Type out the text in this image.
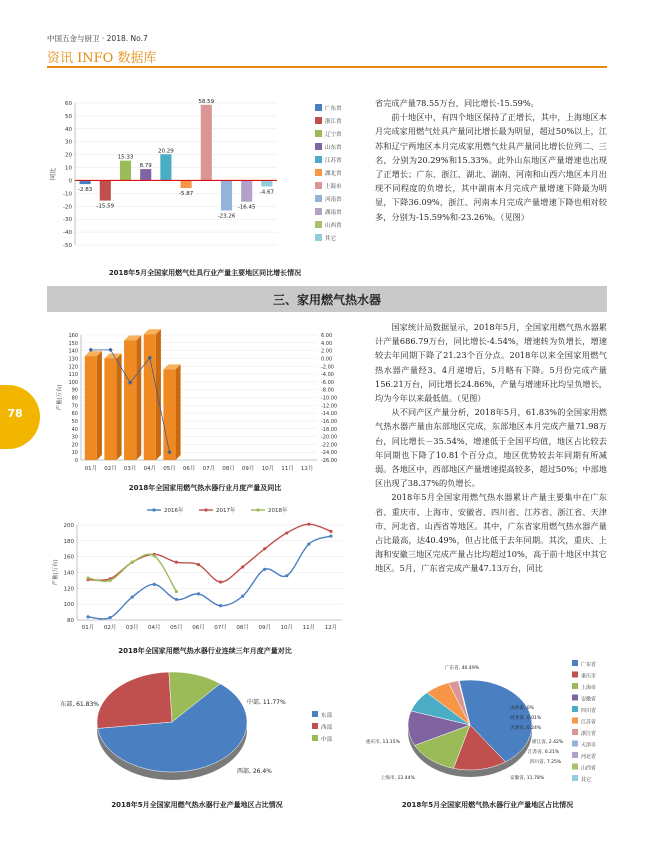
中国五金与厨卫 · 2018. No.7
资讯 INFO 数据库
78
-50
-40
-30
-20
-10
0
10
20
30
40
50
60
同比
-2.83
-15.59
15.33
8.79
20.29
-5.87
58.59
-23.26
-16.45
-4.67
广东省
浙江省
辽宁省
山东省
江苏省
湖北省
上海市
河南省
湖南省
山西省
其它
2018年5月全国家用燃气灶具行业产量主要地区同比增长情况

省完成产量78.55万台，同比增长-15.59%。

前十地区中，有四个地区保持了正增长，其中，上海地区本月完成家用燃气灶具产量同比增长最为明显，超过50%以上，江苏和辽宁两地区本月完成家用燃气灶具产量同比增长位列二、三名，分别为20.29%和15.33%。此外山东地区产量增速也出现了正增长；广东、浙江、湖北、湖南、河南和山西六地区本月出现不同程度的负增长，其中湖南本月完成产量增速下降最为明显，下降36.09%，浙江、河南本月完成产量增速下降也相对较多，分别为-15.59%和-23.26%。（见图）

三、家用燃气热水器
0
10
20
30
40
50
60
70
80
90
100
110
120
130
140
150
160	6.00
4.00
2.00
0.00
-2.00
-4.00
-6.00
-8.00
-10.00
-12.00
-14.00
-16.00
-18.00
-20.00
-22.00
-24.00
-26.00
产量(万台)
01月 02月 03月 04月 05月 06月 07月 08月 09月 10月 11月 12月
2018年全国家用燃气热水器行业月度产量及同比
80
100
120
140
160
180
200
产量(万台)
01月 02月 03月 04月 05月 06月 07月 08月 09月 10月 11月 12月
2016年	2017年	2018年
2018年全国家用燃气热水器行业连续三年月度产量对比

国家统计局数据显示，2018年5月，全国家用燃气热水器累计产量686.79万台，同比增长-4.54%，增速转为负增长，增速较去年同期下降了21.23个百分点。2018年以来全国家用燃气热水器产量经3、4月递增后，5月略有下降。5月份完成产量156.21万台，同比增长24.86%，产量与增速环比均呈负增长，均为今年以来最低值。（见图）

从不同产区产量分析，2018年5月，61.83%的全国家用燃气热水器产量由东部地区完成，东部地区本月完成产量71.98万台，同比增长－35.54%，增速低于全国平均值，地区占比较去年同期也下降了10.81个百分点，地区优势较去年同期有所减弱。各地区中，西部地区产量增速提高较多，超过50%；中部地区出现了38.37%的负增长。

2018年5月全国家用燃气热水器累计产量主要集中在广东省、重庆市、上海市、安徽省、四川省、江苏省、浙江省、天津市、河北省、山西省等地区。其中，广东省家用燃气热水器产量占比最高，达40.49%，但占比低于去年同期。其次，重庆、上海和安徽三地区完成产量占比均超过10%，高于前十地区中其它地区。5月，广东省完成产量47.13万台，同比

东部, 61.83%
西部, 26.4%
中部, 11.77%
东部
西部
中部
2018年5月全国家用燃气热水器行业产量地区占比情况
广东省, 40.49%
重庆市, 13.15%
上海市, 12.44%	安徽省, 11.78%
四川省, 7.25%
江苏省, 6.21%
浙江省, 2.42%
天津市, 0.24%
河北省, 0.01%
山西省, 0%
广东省
重庆市
上海市
安徽省
四川省
江苏省
浙江省
天津市
河北省
山西省
其它
2018年5月全国家用燃气热水器行业产量地区占比情况
